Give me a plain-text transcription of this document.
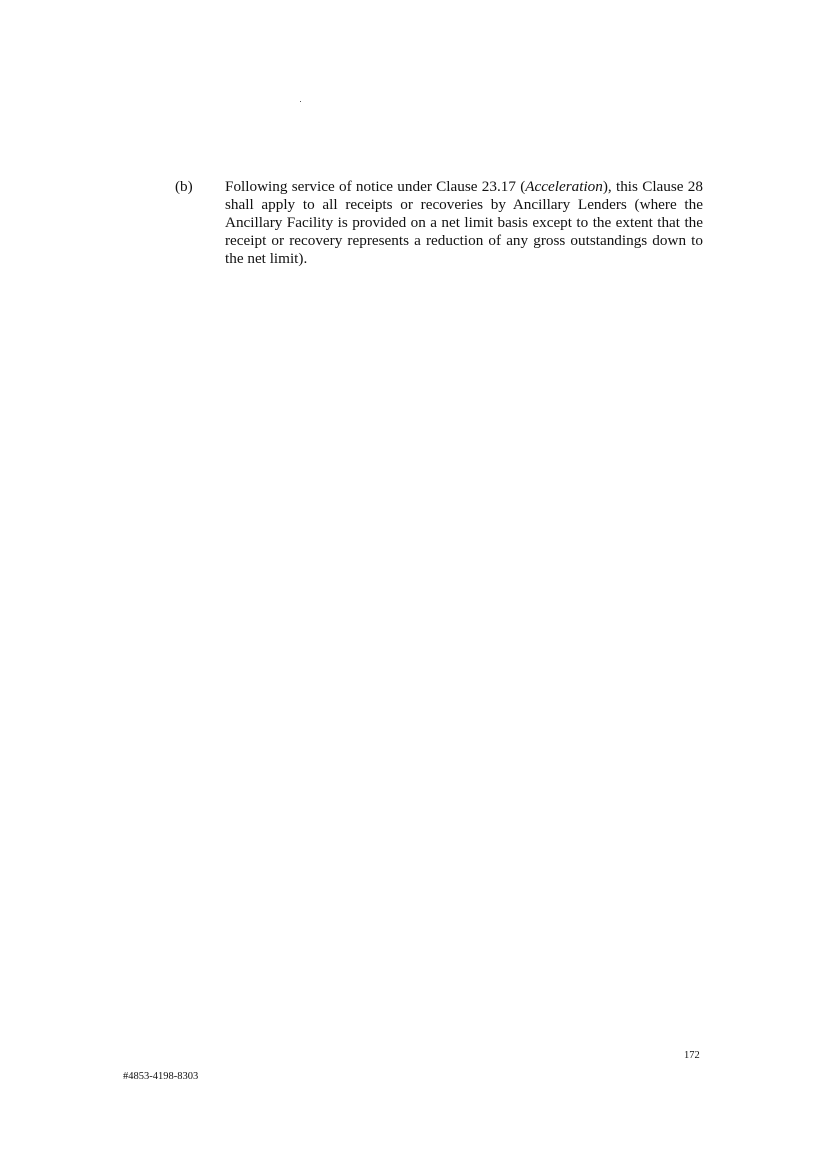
(b) Following service of notice under Clause 23.17 (Acceleration), this Clause 28 shall apply to all receipts or recoveries by Ancillary Lenders (where the Ancillary Facility is provided on a net limit basis except to the extent that the receipt or recovery represents a reduction of any gross outstandings down to the net limit).

172
#4853-4198-8303
